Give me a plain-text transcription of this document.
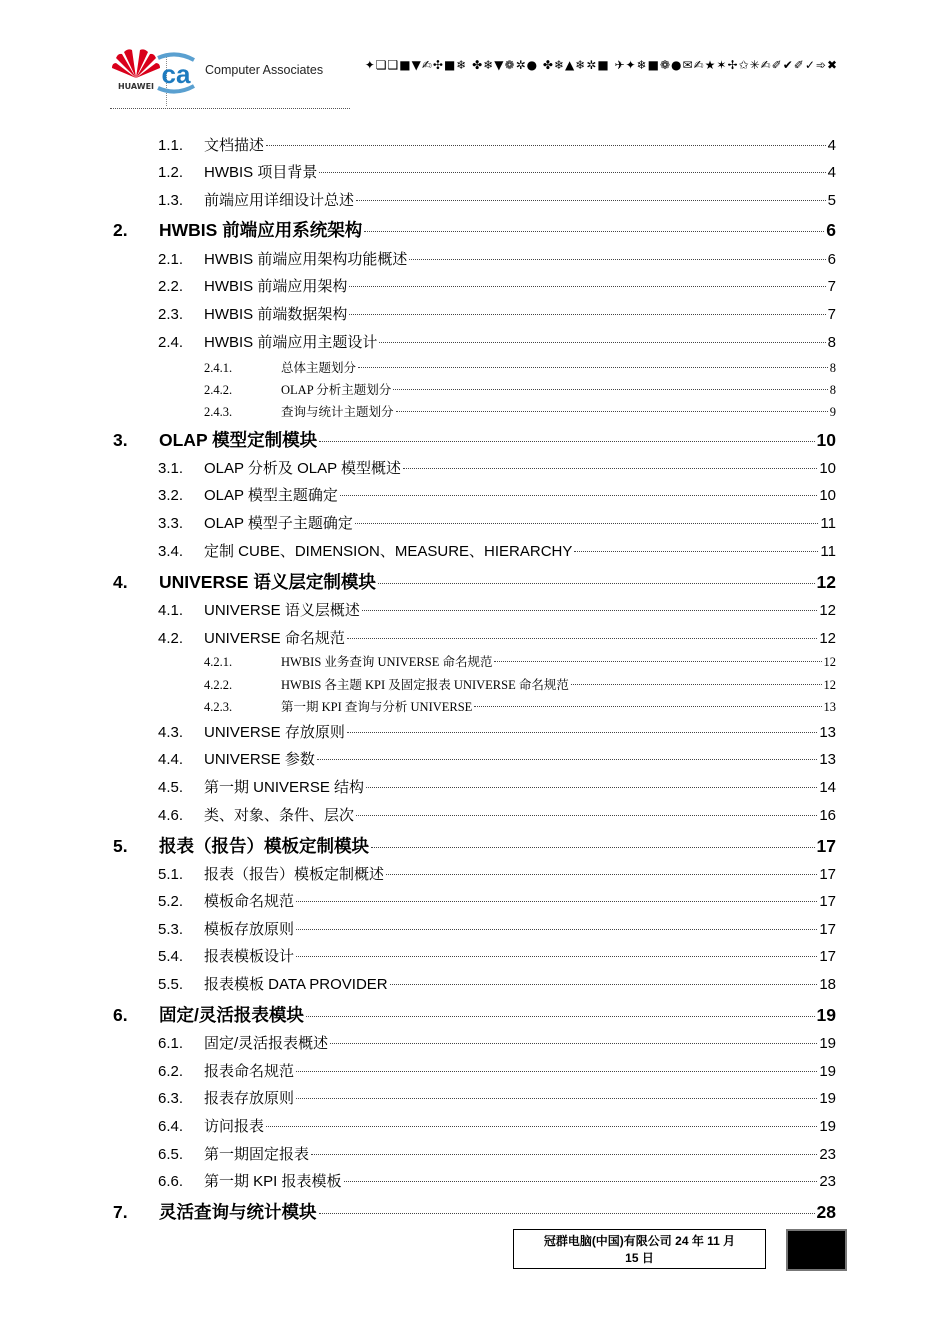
HUAWEI ca Computer Associates	✦❏❑■▼✍✣■❄ ✤❄▼❁✲● ✤❄▲❄✲■ ✈✦❄■❁●✉✍★✶✢✩✳✍✐✔✐✓➾✖
1.1.	文档描述	4
1.2.	HWBIS 项目背景	4
1.3.	前端应用详细设计总述	5
2.	HWBIS 前端应用系统架构	6
2.1.	HWBIS 前端应用架构功能概述	6
2.2.	HWBIS 前端应用架构	7
2.3.	HWBIS 前端数据架构	7
2.4.	HWBIS 前端应用主题设计	8
2.4.1.	总体主题划分	8
2.4.2.	OLAP 分析主题划分	8
2.4.3.	查询与统计主题划分	9
3.	OLAP 模型定制模块	10
3.1.	OLAP 分析及 OLAP 模型概述	10
3.2.	OLAP 模型主题确定	10
3.3.	OLAP 模型子主题确定	11
3.4.	定制 CUBE、DIMENSION、MEASURE、HIERARCHY	11
4.	UNIVERSE 语义层定制模块	12
4.1.	UNIVERSE 语义层概述	12
4.2.	UNIVERSE 命名规范	12
4.2.1.	HWBIS 业务查询 UNIVERSE 命名规范	12
4.2.2.	HWBIS 各主题 KPI 及固定报表 UNIVERSE 命名规范	12
4.2.3.	第一期 KPI 查询与分析 UNIVERSE	13
4.3.	UNIVERSE 存放原则	13
4.4.	UNIVERSE 参数	13
4.5.	第一期 UNIVERSE 结构	14
4.6.	类、对象、条件、层次	16
5.	报表（报告）模板定制模块	17
5.1.	报表（报告）模板定制概述	17
5.2.	模板命名规范	17
5.3.	模板存放原则	17
5.4.	报表模板设计	17
5.5.	报表模板 DATA PROVIDER	18
6.	固定/灵活报表模块	19
6.1.	固定/灵活报表概述	19
6.2.	报表命名规范	19
6.3.	报表存放原则	19
6.4.	访问报表	19
6.5.	第一期固定报表	23
6.6.	第一期 KPI 报表模板	23
7.	灵活查询与统计模块	28
冠群电脑(中国)有限公司 24 年 11 月
15 日
